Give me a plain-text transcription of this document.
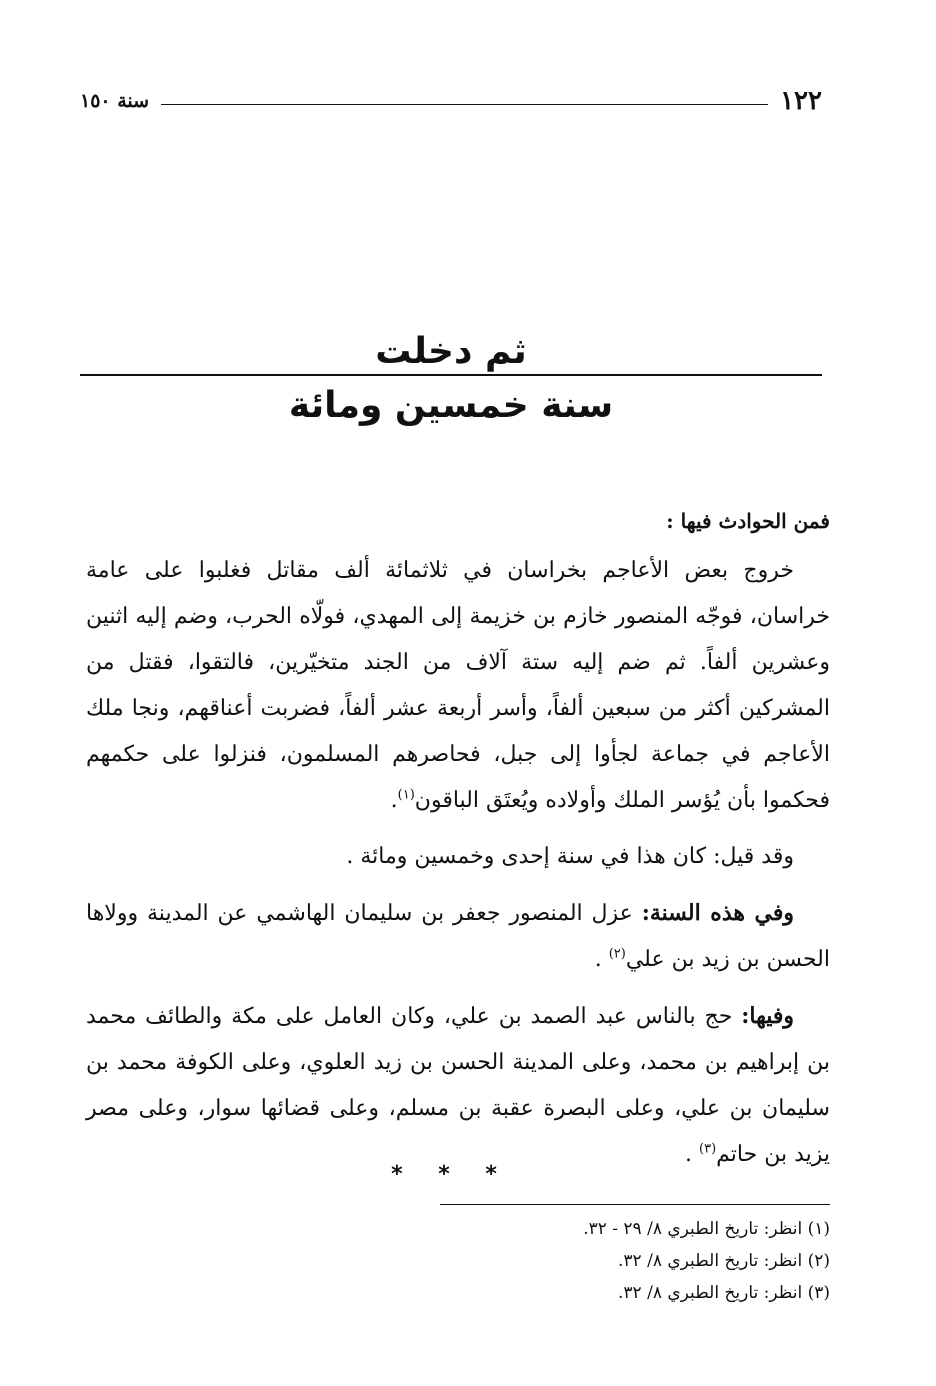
١٢٢
سنة ١٥٠
ثم دخلت
سنة خمسين ومائة

فمن الحوادث فيها :

خروج بعض الأعاجم بخراسان في ثلاثمائة ألف مقاتل فغلبوا على عامة خراسان، فوجّه المنصور خازم بن خزيمة إلى المهدي، فولّاه الحرب، وضم إليه اثنين وعشرين ألفاً. ثم ضم إليه ستة آلاف من الجند متخيّرين، فالتقوا، فقتل من المشركين أكثر من سبعين ألفاً، وأسر أربعة عشر ألفاً، فضربت أعناقهم، ونجا ملك الأعاجم في جماعة لجأوا إلى جبل، فحاصرهم المسلمون، فنزلوا على حكمهم فحكموا بأن يُؤسر الملك وأولاده ويُعتَق الباقون$^{(١)}$.

وقد قيل: كان هذا في سنة إحدى وخمسين ومائة .

وفي هذه السنة: عزل المنصور جعفر بن سليمان الهاشمي عن المدينة وولاها الحسن بن زيد بن علي$^{(٢)}$ .

وفيها: حج بالناس عبد الصمد بن علي، وكان العامل على مكة والطائف محمد بن إبراهيم بن محمد، وعلى المدينة الحسن بن زيد العلوي، وعلى الكوفة محمد بن سليمان بن علي، وعلى البصرة عقبة بن مسلم، وعلى قضائها سوار، وعلى مصر يزيد بن حاتم$^{(٣)}$ .

* * *

(١) انظر: تاريخ الطبري ٨/ ٢٩ - ٣٢.

(٢) انظر: تاريخ الطبري ٨/ ٣٢.

(٣) انظر: تاريخ الطبري ٨/ ٣٢.
